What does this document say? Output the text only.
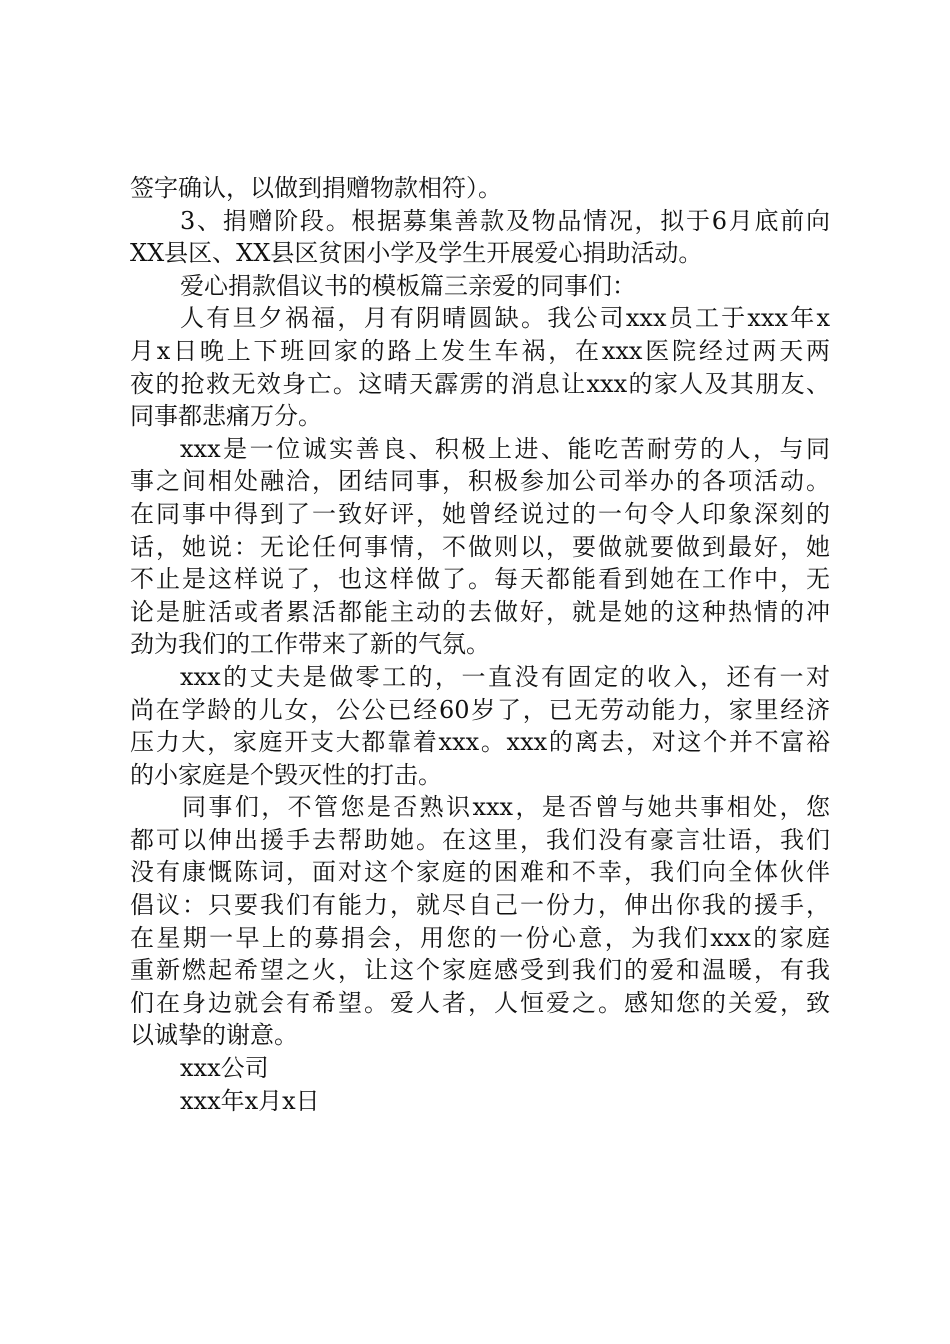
签字确认，以做到捐赠物款相符）。
3、捐赠阶段。根据募集善款及物品情况，拟于6月底前向
XX县区、XX县区贫困小学及学生开展爱心捐助活动。
爱心捐款倡议书的模板篇三亲爱的同事们：
人有旦夕祸福，月有阴晴圆缺。我公司xxx员工于xxx年x
月x日晚上下班回家的路上发生车祸，在xxx医院经过两天两
夜的抢救无效身亡。这晴天霹雳的消息让xxx的家人及其朋友、
同事都悲痛万分。
xxx是一位诚实善良、积极上进、能吃苦耐劳的人，与同
事之间相处融洽，团结同事，积极参加公司举办的各项活动。
在同事中得到了一致好评，她曾经说过的一句令人印象深刻的
话，她说：无论任何事情，不做则以，要做就要做到最好，她
不止是这样说了，也这样做了。每天都能看到她在工作中，无
论是脏活或者累活都能主动的去做好，就是她的这种热情的冲
劲为我们的工作带来了新的气氛。
xxx的丈夫是做零工的，一直没有固定的收入，还有一对
尚在学龄的儿女，公公已经60岁了，已无劳动能力，家里经济
压力大，家庭开支大都靠着xxx。xxx的离去，对这个并不富裕
的小家庭是个毁灭性的打击。
同事们，不管您是否熟识xxx，是否曾与她共事相处，您
都可以伸出援手去帮助她。在这里，我们没有豪言壮语，我们
没有康慨陈词，面对这个家庭的困难和不幸，我们向全体伙伴
倡议：只要我们有能力，就尽自己一份力，伸出你我的援手，
在星期一早上的募捐会，用您的一份心意，为我们xxx的家庭
重新燃起希望之火，让这个家庭感受到我们的爱和温暖，有我
们在身边就会有希望。爱人者，人恒爱之。感知您的关爱，致
以诚挚的谢意。
xxx公司
xxx年x月x日
